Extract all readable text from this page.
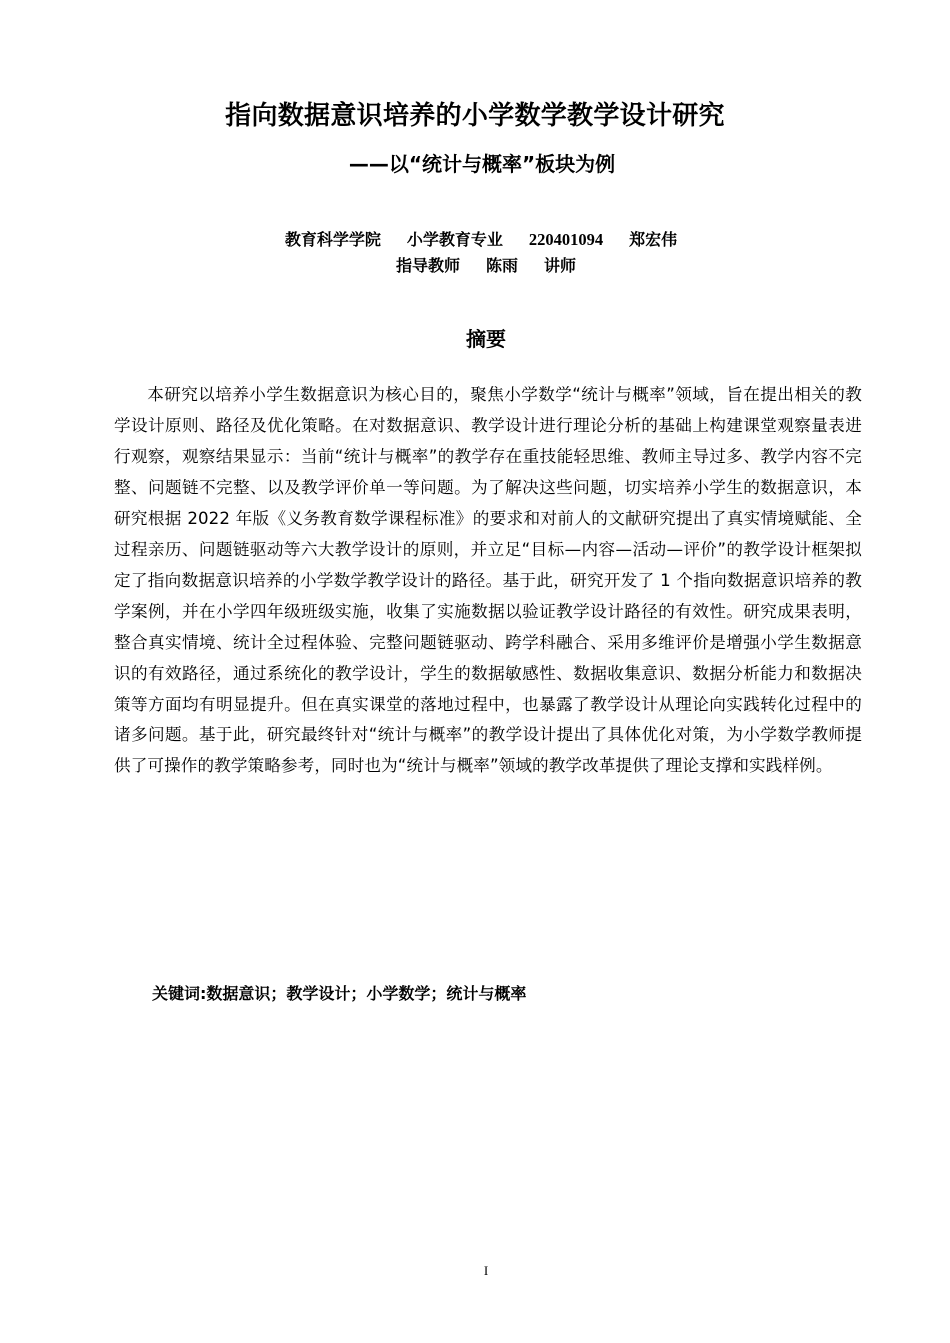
指向数据意识培养的小学数学教学设计研究
——以“统计与概率”板块为例
教育科学学院 小学教育专业 220401094 郑宏伟
指导教师 陈雨 讲师
摘要

本研究以培养小学生数据意识为核心目的，聚焦小学数学“统计与概率”领域，旨在提出相关的教学设计原则、路径及优化策略。在对数据意识、教学设计进行理论分析的基础上构建课堂观察量表进行观察，观察结果显示：当前“统计与概率”的教学存在重技能轻思维、教师主导过多、教学内容不完整、问题链不完整、以及教学评价单一等问题。为了解决这些问题，切实培养小学生的数据意识，本研究根据 2022 年版《义务教育数学课程标准》的要求和对前人的文献研究提出了真实情境赋能、全过程亲历、问题链驱动等六大教学设计的原则，并立足“目标—内容—活动—评价”的教学设计框架拟定了指向数据意识培养的小学数学教学设计的路径。基于此，研究开发了 1 个指向数据意识培养的教学案例，并在小学四年级班级实施，收集了实施数据以验证教学设计路径的有效性。研究成果表明，整合真实情境、统计全过程体验、完整问题链驱动、跨学科融合、采用多维评价是增强小学生数据意识的有效路径，通过系统化的教学设计，学生的数据敏感性、数据收集意识、数据分析能力和数据决策等方面均有明显提升。但在真实课堂的落地过程中，也暴露了教学设计从理论向实践转化过程中的诸多问题。基于此，研究最终针对“统计与概率”的教学设计提出了具体优化对策，为小学数学教师提供了可操作的教学策略参考，同时也为“统计与概率”领域的教学改革提供了理论支撑和实践样例。

关键词:数据意识；教学设计；小学数学；统计与概率
I
